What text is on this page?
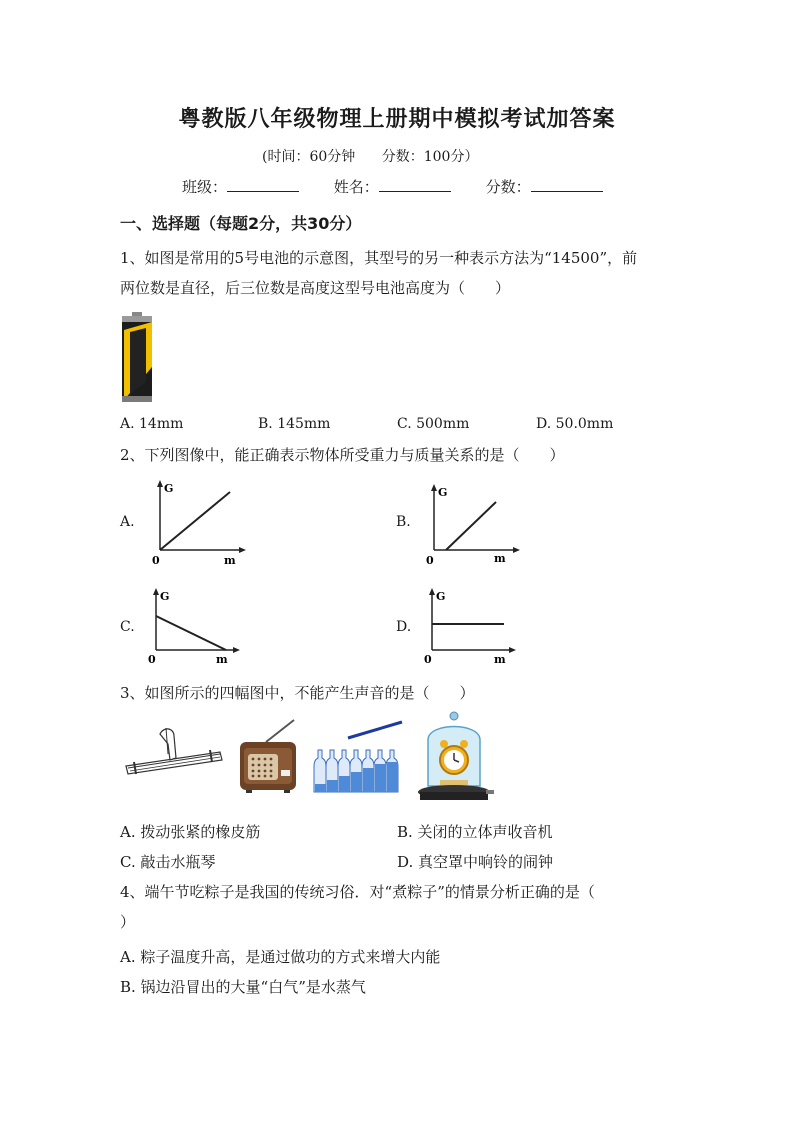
粤教版八年级物理上册期中模拟考试加答案
(时间：60分钟 分数：100分）
班级：	姓名：	分数：
一、选择题（每题2分，共30分）
1、如图是常用的5号电池的示意图，其型号的另一种表示方法为“14500”，前
两位数是直径，后三位数是高度这型号电池高度为（　　）
A. 14mm	B. 145mm	C. 500mm	D. 50.0mm
2、下列图像中，能正确表示物体所受重力与质量关系的是（　　）
A.	B.
C.	D.
G
0	m
G
0	m
G
0	m
G
0	m
3、如图所示的四幅图中，不能产生声音的是（　　）
A. 拨动张紧的橡皮筋	B. 关闭的立体声收音机
C. 敲击水瓶琴	D. 真空罩中响铃的闹钟
4、端午节吃粽子是我国的传统习俗．对“煮粽子”的情景分析正确的是（
）
A. 粽子温度升高，是通过做功的方式来增大内能
B. 锅边沿冒出的大量“白气”是水蒸气
